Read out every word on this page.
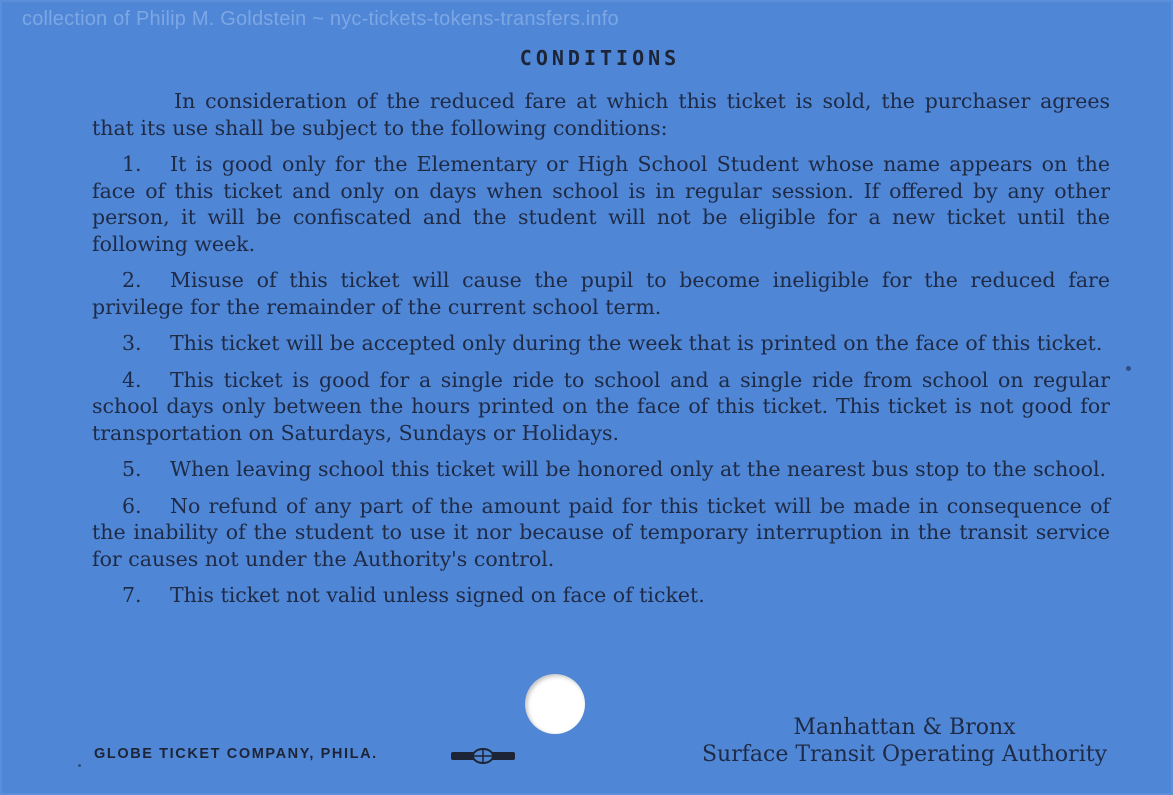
collection of Philip M. Goldstein ~ nyc-tickets-tokens-transfers.info
CONDITIONS

In consideration of the reduced fare at which this ticket is sold, the purchaser agrees that its use shall be subject to the following conditions:

1. It is good only for the Elementary or High School Student whose name appears on the face of this ticket and only on days when school is in regular session. If offered by any other person, it will be confiscated and the student will not be eligible for a new ticket until the following week.

2. Misuse of this ticket will cause the pupil to become ineligible for the reduced fare privilege for the remainder of the current school term.

3. This ticket will be accepted only during the week that is printed on the face of this ticket.

4. This ticket is good for a single ride to school and a single ride from school on regular school days only between the hours printed on the face of this ticket. This ticket is not good for transportation on Saturdays, Sundays or Holidays.

5. When leaving school this ticket will be honored only at the nearest bus stop to the school.

6. No refund of any part of the amount paid for this ticket will be made in consequence of the inability of the student to use it nor because of temporary interruption in the transit service for causes not under the Authority's control.

7. This ticket not valid unless signed on face of ticket.

Manhattan & Bronx
Surface Transit Operating Authority
GLOBE TICKET COMPANY, PHILA.
